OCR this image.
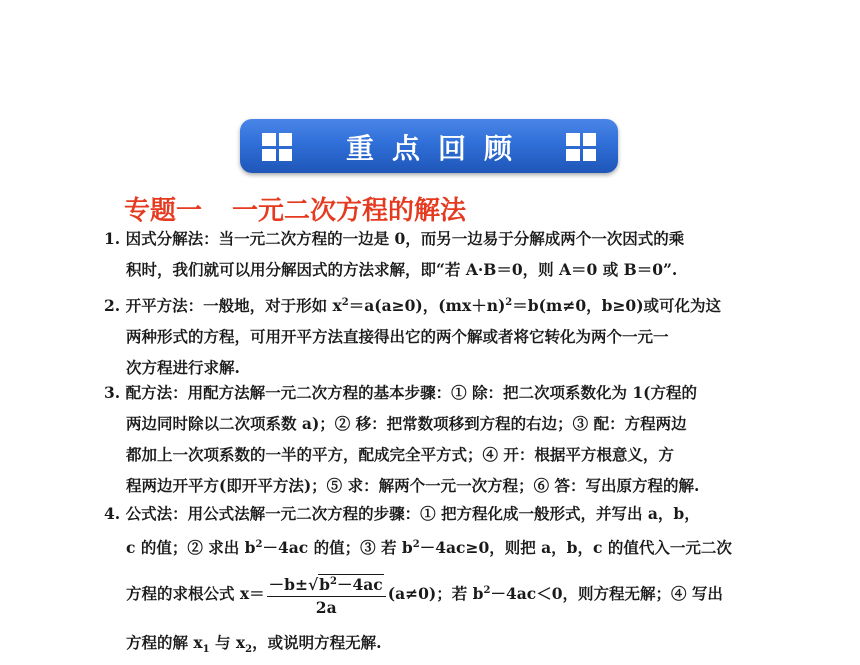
重点回顾
专题一 一元二次方程的解法
1. 因式分解法：当一元二次方程的一边是 0，而另一边易于分解成两个一次因式的乘
积时，我们就可以用分解因式的方法求解，即“若 A·B＝0，则 A＝0 或 B＝0”.
2. 开平方法：一般地，对于形如 $x^2=a(a\ge 0)$，$(mx+n)^2=b(m\ne 0$，b≥0)或可化为这
两种形式的方程，可用开平方法直接得出它的两个解或者将它转化为两个一元一
次方程进行求解.
3. 配方法：用配方法解一元二次方程的基本步骤：① 除：把二次项系数化为 1(方程的
两边同时除以二次项系数 a)；② 移：把常数项移到方程的右边；③ 配：方程两边
都加上一次项系数的一半的平方，配成完全平方式；④ 开：根据平方根意义，方
程两边开平方(即开平方法)；⑤ 求：解两个一元一次方程；⑥ 答：写出原方程的解.
4. 公式法：用公式法解一元二次方程的步骤：① 把方程化成一般形式，并写出 a，b，
c 的值；② 求出 $b^2-4ac$ 的值；③ 若 $b^2-4ac\ge 0$，则把 a，b，c 的值代入一元二次
方程的求根公式 $x= \frac{-b\pm√b^2-4ac}{2a} (a\ne 0)$；若 $b^2-4ac<0$，则方程无解；④ 写出
方程的解 $x_1$ 与 $x_2$，或说明方程无解.
